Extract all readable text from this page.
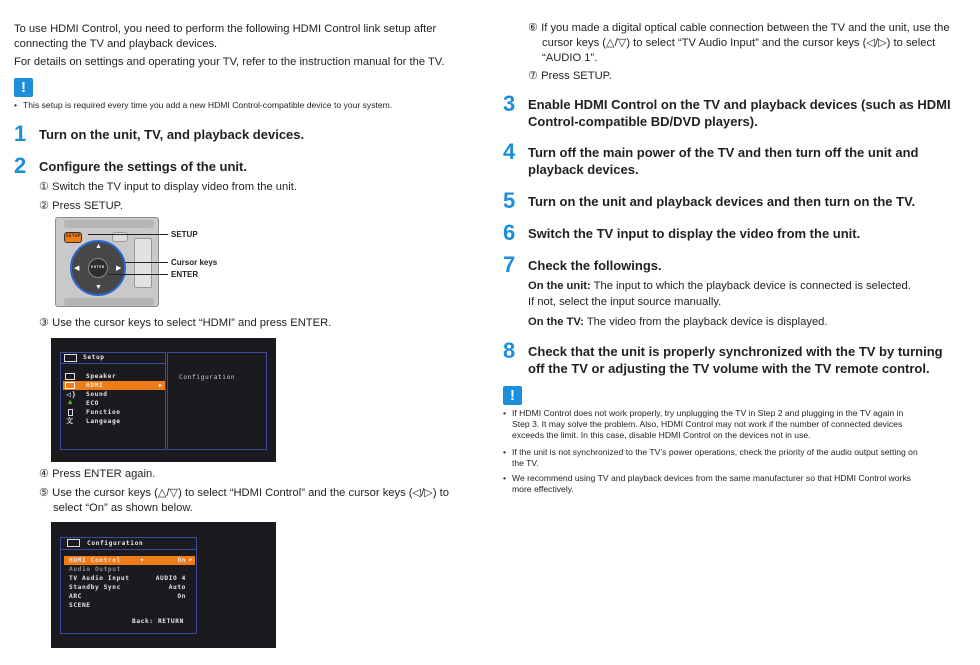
To use HDMI Control, you need to perform the following HDMI Control link setup after
connecting the TV and playback devices.
For details on settings and operating your TV, refer to the instruction manual for the TV.
!
• This setup is required every time you add a new HDMI Control-compatible device to your system.
1 Turn on the unit, TV, and playback devices.
2 Configure the settings of the unit.
① Switch the TV input to display video from the unit.
② Press SETUP.
SETUP
ENTER
▲
▼
◀	▶
SETUP
Cursor keys
ENTER
③ Use the cursor keys to select “HDMI” and press ENTER.
Setup
Speaker
HDMI	▶
◁) Sound
♣ ECO
Function
文 Language
Configuration
④ Press ENTER again.
⑤ Use the cursor keys (△/▽) to select “HDMI Control” and the cursor keys (◁/▷) to
select “On” as shown below.
Configuration
HDMI Control	◀	On ▶
Audio Output
TV Audio Input	AUDIO 4
Standby Sync	Auto
ARC	On
SCENE
Back: RETURN
⑥ If you made a digital optical cable connection between the TV and the unit, use the
cursor keys (△/▽) to select “TV Audio Input” and the cursor keys (◁/▷) to select
“AUDIO 1”.
⑦ Press SETUP.
3 Enable HDMI Control on the TV and playback devices (such as HDMI
Control-compatible BD/DVD players).
4 Turn off the main power of the TV and then turn off the unit and
playback devices.
5 Turn on the unit and playback devices and then turn on the TV.
6 Switch the TV input to display the video from the unit.
7 Check the followings.
On the unit: The input to which the playback device is connected is selected.
If not, select the input source manually.
On the TV: The video from the playback device is displayed.
8 Check that the unit is properly synchronized with the TV by turning
off the TV or adjusting the TV volume with the TV remote control.
!
• If HDMI Control does not work properly, try unplugging the TV in Step 2 and plugging in the TV again in
Step 3. It may solve the problem. Also, HDMI Control may not work if the number of connected devices
exceeds the limit. In this case, disable HDMI Control on the devices not in use.
• If the unit is not synchronized to the TV’s power operations, check the priority of the audio output setting on
the TV.
• We recommend using TV and playback devices from the same manufacturer so that HDMI Control works
more effectively.
